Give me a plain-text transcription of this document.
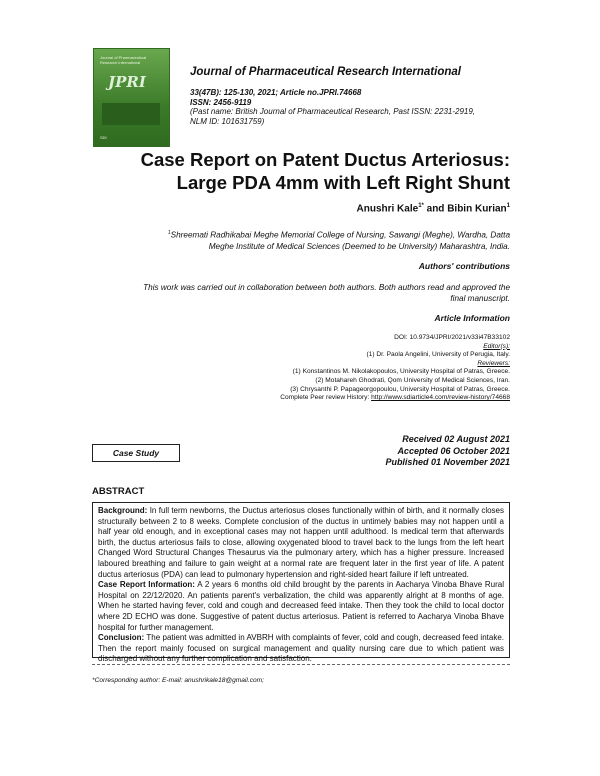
Journal of Pharmaceutical Research International
JPRI
SDI
Journal of Pharmaceutical Research International
33(47B): 125-130, 2021; Article no.JPRI.74668
ISSN: 2456-9119
(Past name: British Journal of Pharmaceutical Research, Past ISSN: 2231-2919,
NLM ID: 101631759)
Case Report on Patent Ductus Arteriosus: Large PDA 4mm with Left Right Shunt
Anushri Kale$^{1*}$ and Bibin Kurian$^1$
$^1$Shreemati Radhikabai Meghe Memorial College of Nursing, Sawangi (Meghe), Wardha, Datta
Meghe Institute of Medical Sciences (Deemed to be University) Maharashtra, India.
Authors' contributions
This work was carried out in collaboration between both authors. Both authors read and approved the
final manuscript.
Article Information
DOI: 10.9734/JPRI/2021/v33i47B33102
Editor(s):
(1) Dr. Paola Angelini, University of Perugia, Italy.
Reviewers:
(1) Konstantinos M. Nikolakopoulos, University Hospital of Patras, Greece.
(2) Motahareh Ghodrati, Qom University of Medical Sciences, Iran.
(3) Chrysanthi P. Papageorgopoulou, University Hospital of Patras, Greece.
Complete Peer review History: http://www.sdiarticle4.com/review-history/74668
Case Study
Received 02 August 2021
Accepted 06 October 2021
Published 01 November 2021
ABSTRACT

Background: In full term newborns, the Ductus arteriosus closes functionally within of birth, and it normally closes structurally between 2 to 8 weeks. Complete conclusion of the ductus in untimely babies may not happen until a half year old enough, and in exceptional cases may not happen until adulthood. Is medical term that afterwards birth, the ductus arteriosus fails to close, allowing oxygenated blood to travel back to the lungs from the left heart Changed Word Structural Changes Thesaurus via the pulmonary artery, which has a higher pressure. Increased laboured breathing and failure to gain weight at a normal rate are frequent later in the first year of life. A patent ductus arteriosus (PDA) can lead to pulmonary hypertension and right-sided heart failure if left untreated.

Case Report Information: A 2 years 6 months old child brought by the parents in Aacharya Vinoba Bhave Rural Hospital on 22/12/2020. An patients parent's verbalization, the child was apparently alright at 8 months of age. When he started having fever, cold and cough and decreased feed intake. Then they took the child to local doctor where 2D ECHO was done. Suggestive of patent ductus arteriosus. Patient is referred to Aacharya Vinoba Bhave hospital for further management.

Conclusion: The patient was admitted in AVBRH with complaints of fever, cold and cough, decreased feed intake. Then the report mainly focused on surgical management and quality nursing care due to which patient was discharged without any further complication and satisfaction.

*Corresponding author: E-mail: anushrikale18@gmail.com;
